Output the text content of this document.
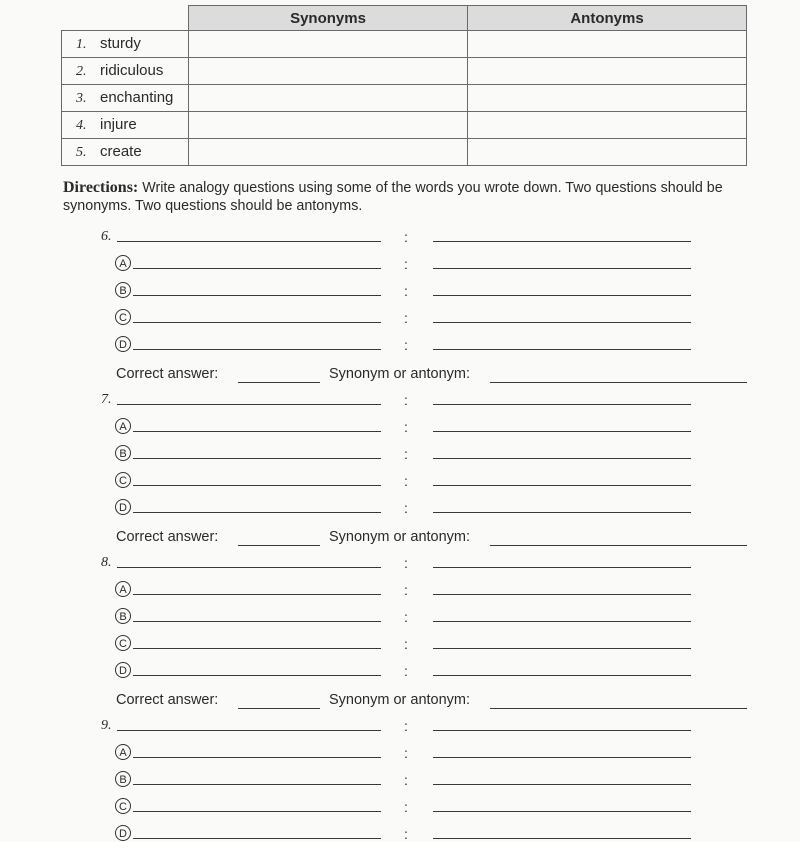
	Synonyms	Antonyms
1. sturdy		
2. ridiculous		
3. enchanting		
4. injure		
5. create		
Directions: Write analogy questions using some of the words you wrote down. Two questions should be synonyms. Two questions should be antonyms.
6.	:
A	:
B	:
C	:
D	:
Correct answer:	Synonym or antonym:
7.	:
A	:
B	:
C	:
D	:
Correct answer:	Synonym or antonym:
8.	:
A	:
B	:
C	:
D	:
Correct answer:	Synonym or antonym:
9.	:
A	:
B	:
C	:
D	:
